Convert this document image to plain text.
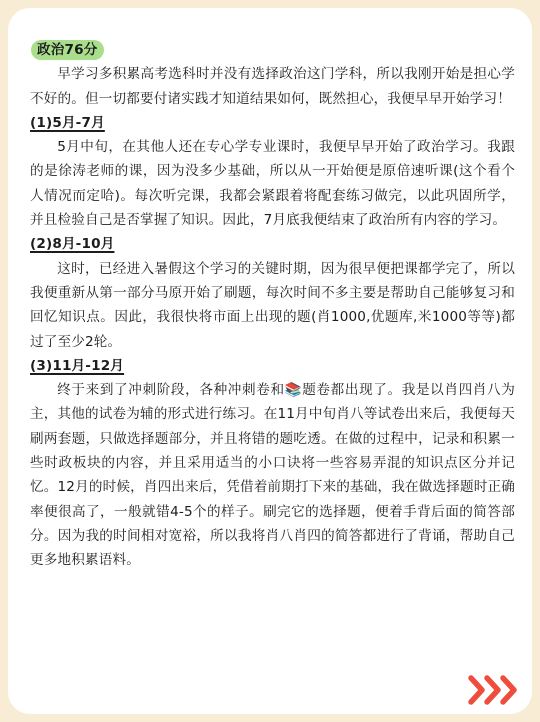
政治76分

早学习多积累高考选科时并没有选择政治这门学科，所以我刚开始是担心学不好的。但一切都要付诸实践才知道结果如何，既然担心，我便早早开始学习！

(1)5月-7月

5月中旬，在其他人还在专心学专业课时，我便早早开始了政治学习。我跟的是徐涛老师的课，因为没多少基础，所以从一开始便是原倍速听课(这个看个人情况而定哈)。每次听完课，我都会紧跟着将配套练习做完，以此巩固所学，并且检验自己是否掌握了知识。因此，7月底我便结束了政治所有内容的学习。

(2)8月-10月

这时，已经进入暑假这个学习的关键时期，因为很早便把课都学完了，所以我便重新从第一部分马原开始了刷题，每次时间不多主要是帮助自己能够复习和回忆知识点。因此，我很快将市面上出现的题(肖1000,优题库,米1000等等)都过了至少2轮。

(3)11月-12月

终于来到了冲刺阶段，各种冲刺卷和📚题卷都出现了。我是以肖四肖八为主，其他的试卷为辅的形式进行练习。在11月中旬肖八等试卷出来后，我便每天刷两套题，只做选择题部分，并且将错的题吃透。在做的过程中，记录和积累一些时政板块的内容，并且采用适当的小口诀将一些容易弄混的知识点区分并记忆。12月的时候，肖四出来后，凭借着前期打下来的基础，我在做选择题时正确率便很高了，一般就错4-5个的样子。刷完它的选择题，便着手背后面的简答部分。因为我的时间相对宽裕，所以我将肖八肖四的简答都进行了背诵，帮助自己更多地积累语料。
